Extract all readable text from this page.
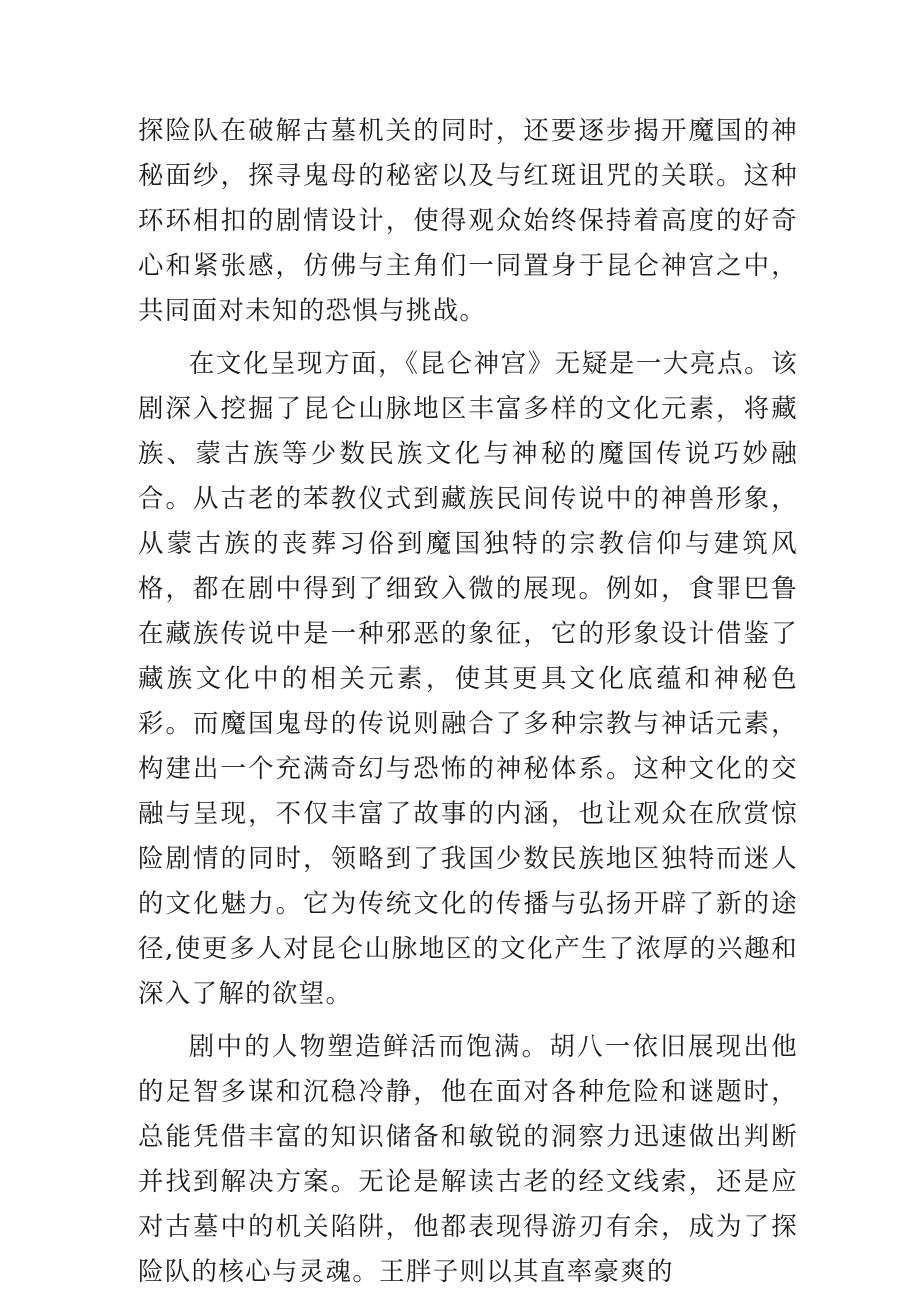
探险队在破解古墓机关的同时，还要逐步揭开魔国的神秘面纱，探寻鬼母的秘密以及与红斑诅咒的关联。这种环环相扣的剧情设计，使得观众始终保持着高度的好奇心和紧张感，仿佛与主角们一同置身于昆仑神宫之中，共同面对未知的恐惧与挑战。

在文化呈现方面，《昆仑神宫》无疑是一大亮点。该剧深入挖掘了昆仑山脉地区丰富多样的文化元素，将藏族、蒙古族等少数民族文化与神秘的魔国传说巧妙融合。从古老的苯教仪式到藏族民间传说中的神兽形象，从蒙古族的丧葬习俗到魔国独特的宗教信仰与建筑风格，都在剧中得到了细致入微的展现。例如，食罪巴鲁在藏族传说中是一种邪恶的象征，它的形象设计借鉴了藏族文化中的相关元素，使其更具文化底蕴和神秘色彩。而魔国鬼母的传说则融合了多种宗教与神话元素，构建出一个充满奇幻与恐怖的神秘体系。这种文化的交融与呈现，不仅丰富了故事的内涵，也让观众在欣赏惊险剧情的同时，领略到了我国少数民族地区独特而迷人的文化魅力。它为传统文化的传播与弘扬开辟了新的途径,使更多人对昆仑山脉地区的文化产生了浓厚的兴趣和深入了解的欲望。

剧中的人物塑造鲜活而饱满。胡八一依旧展现出他的足智多谋和沉稳冷静，他在面对各种危险和谜题时，总能凭借丰富的知识储备和敏锐的洞察力迅速做出判断并找到解决方案。无论是解读古老的经文线索，还是应对古墓中的机关陷阱，他都表现得游刃有余，成为了探险队的核心与灵魂。王胖子则以其直率豪爽的
